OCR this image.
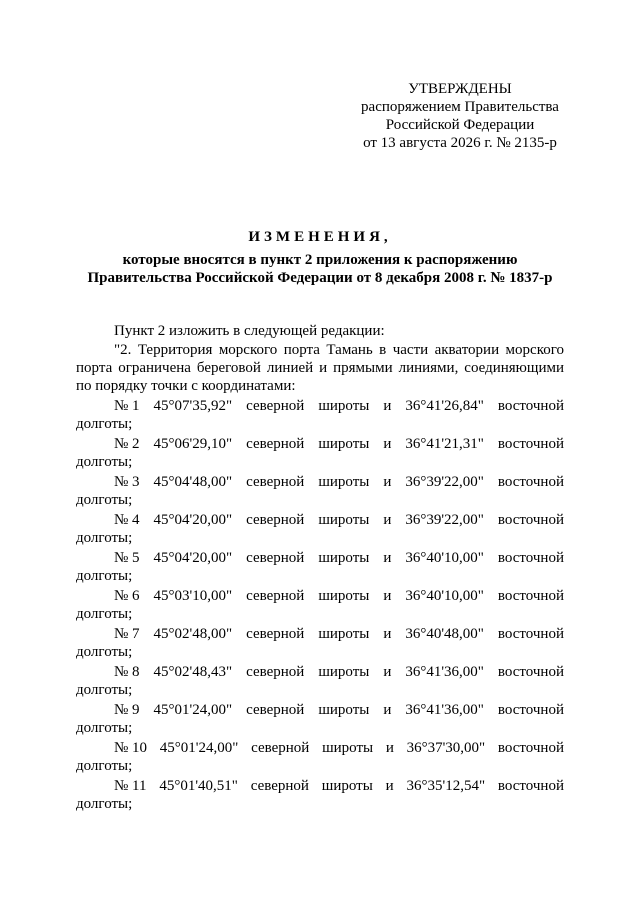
УТВЕРЖДЕНЫ
распоряжением Правительства
Российской Федерации
от 13 августа 2026 г. № 2135-р
ИЗМЕНЕНИЯ,
которые вносятся в пункт 2 приложения к распоряжению
Правительства Российской Федерации от 8 декабря 2008 г. № 1837-р
Пункт 2 изложить в следующей редакции:
"2. Территория морского порта Тамань в части акватории морского
порта ограничена береговой линией и прямыми линиями, соединяющими
по порядку точки с координатами:
№ 1 45°07'35,92" северной широты и 36°41'26,84" восточной
долготы;
№ 2 45°06'29,10" северной широты и 36°41'21,31" восточной
долготы;
№ 3 45°04'48,00" северной широты и 36°39'22,00" восточной
долготы;
№ 4 45°04'20,00" северной широты и 36°39'22,00" восточной
долготы;
№ 5 45°04'20,00" северной широты и 36°40'10,00" восточной
долготы;
№ 6 45°03'10,00" северной широты и 36°40'10,00" восточной
долготы;
№ 7 45°02'48,00" северной широты и 36°40'48,00" восточной
долготы;
№ 8 45°02'48,43" северной широты и 36°41'36,00" восточной
долготы;
№ 9 45°01'24,00" северной широты и 36°41'36,00" восточной
долготы;
№ 10 45°01'24,00" северной широты и 36°37'30,00" восточной
долготы;
№ 11 45°01'40,51" северной широты и 36°35'12,54" восточной
долготы;
